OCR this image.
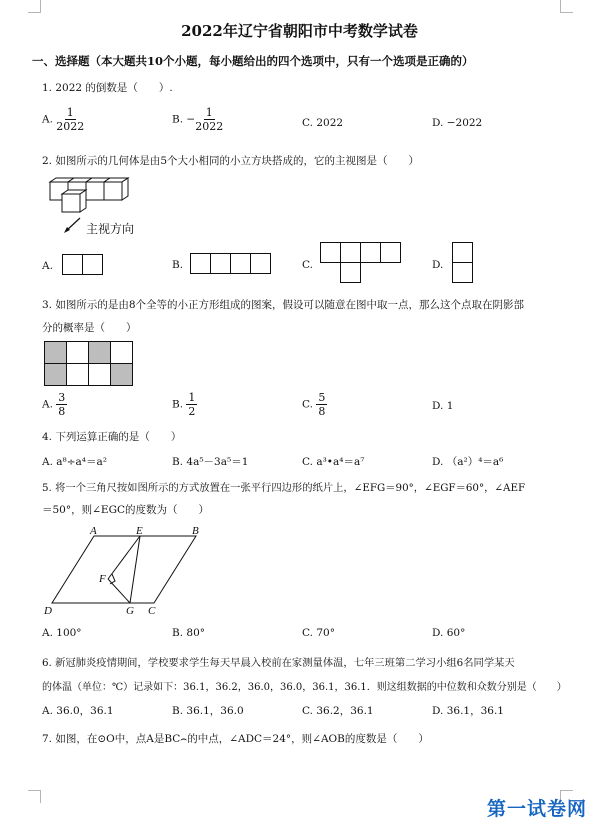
2022年辽宁省朝阳市中考数学试卷
一、选择题（本大题共10个小题，每小题给出的四个选项中，只有一个选项是正确的）
1. 2022 的倒数是（　　）.
A. $\frac{1}{2022}$	B. − $\frac{1}{2022}$	C. 2022	D. −2022
2. 如图所示的几何体是由5个大小相同的小立方块搭成的，它的主视图是（　　）
主视方向
A.	B.	C.	D.
3. 如图所示的是由8个全等的小正方形组成的图案，假设可以随意在图中取一点，那么这个点取在阴影部
分的概率是（　　）
A. $\frac{3}{8}$	B. $\frac{1}{2}$	C. $\frac{5}{8}$	D. 1
4. 下列运算正确的是（　　）
A. a⁸÷a⁴＝a²	B. 4a⁵－3a⁵＝1	C. a³•a⁴＝a⁷	D. （a²）⁴＝a⁶
5. 将一个三角尺按如图所示的方式放置在一张平行四边形的纸片上，∠EFG＝90°，∠EGF＝60°，∠AEF
＝50°，则∠EGC的度数为（　　）
A	E	B
F
D	G C
A. 100°	B. 80°	C. 70°	D. 60°
6. 新冠肺炎疫情期间，学校要求学生每天早晨入校前在家测量体温，七年三班第二学习小组6名同学某天
的体温（单位：℃）记录如下：36.1，36.2，36.0，36.0，36.1，36.1．则这组数据的中位数和众数分别是（　　）
A. 36.0，36.1	B. 36.1，36.0	C. 36.2，36.1	D. 36.1，36.1
7. 如图，在⊙O中，点A是BC⌢的中点，∠ADC＝24°，则∠AOB的度数是（　　）
第一试卷网
